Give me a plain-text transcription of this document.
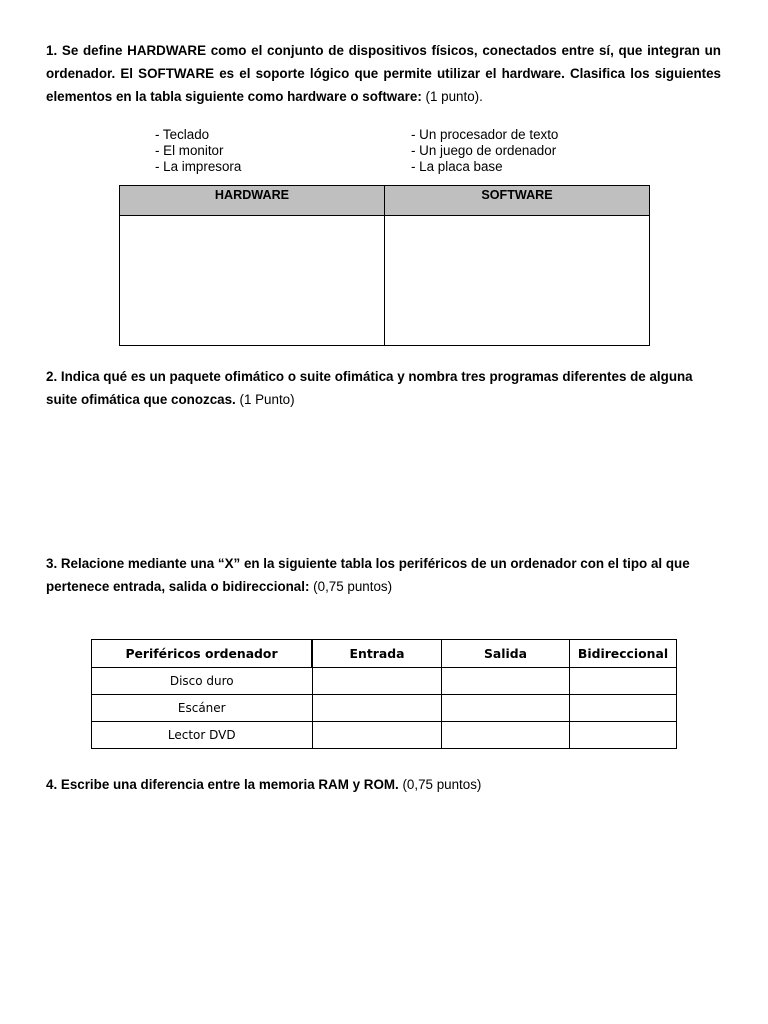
1. Se define HARDWARE como el conjunto de dispositivos físicos, conectados entre sí, que integran un ordenador. El SOFTWARE es el soporte lógico que permite utilizar el hardware. Clasifica los siguientes elementos en la tabla siguiente como hardware o software: (1 punto).
- Teclado
- El monitor
- La impresora
- Un procesador de texto
- Un juego de ordenador
- La placa base
HARDWARE	SOFTWARE

2. Indica qué es un paquete ofimático o suite ofimática y nombra tres programas diferentes de alguna suite ofimática que conozcas. (1 Punto)
3. Relacione mediante una “X” en la siguiente tabla los periféricos de un ordenador con el tipo al que pertenece entrada, salida o bidireccional: (0,75 puntos)
Periféricos ordenador	Entrada	Salida	Bidireccional
Disco duro			
Escáner			
Lector DVD			
4. Escribe una diferencia entre la memoria RAM y ROM. (0,75 puntos)
